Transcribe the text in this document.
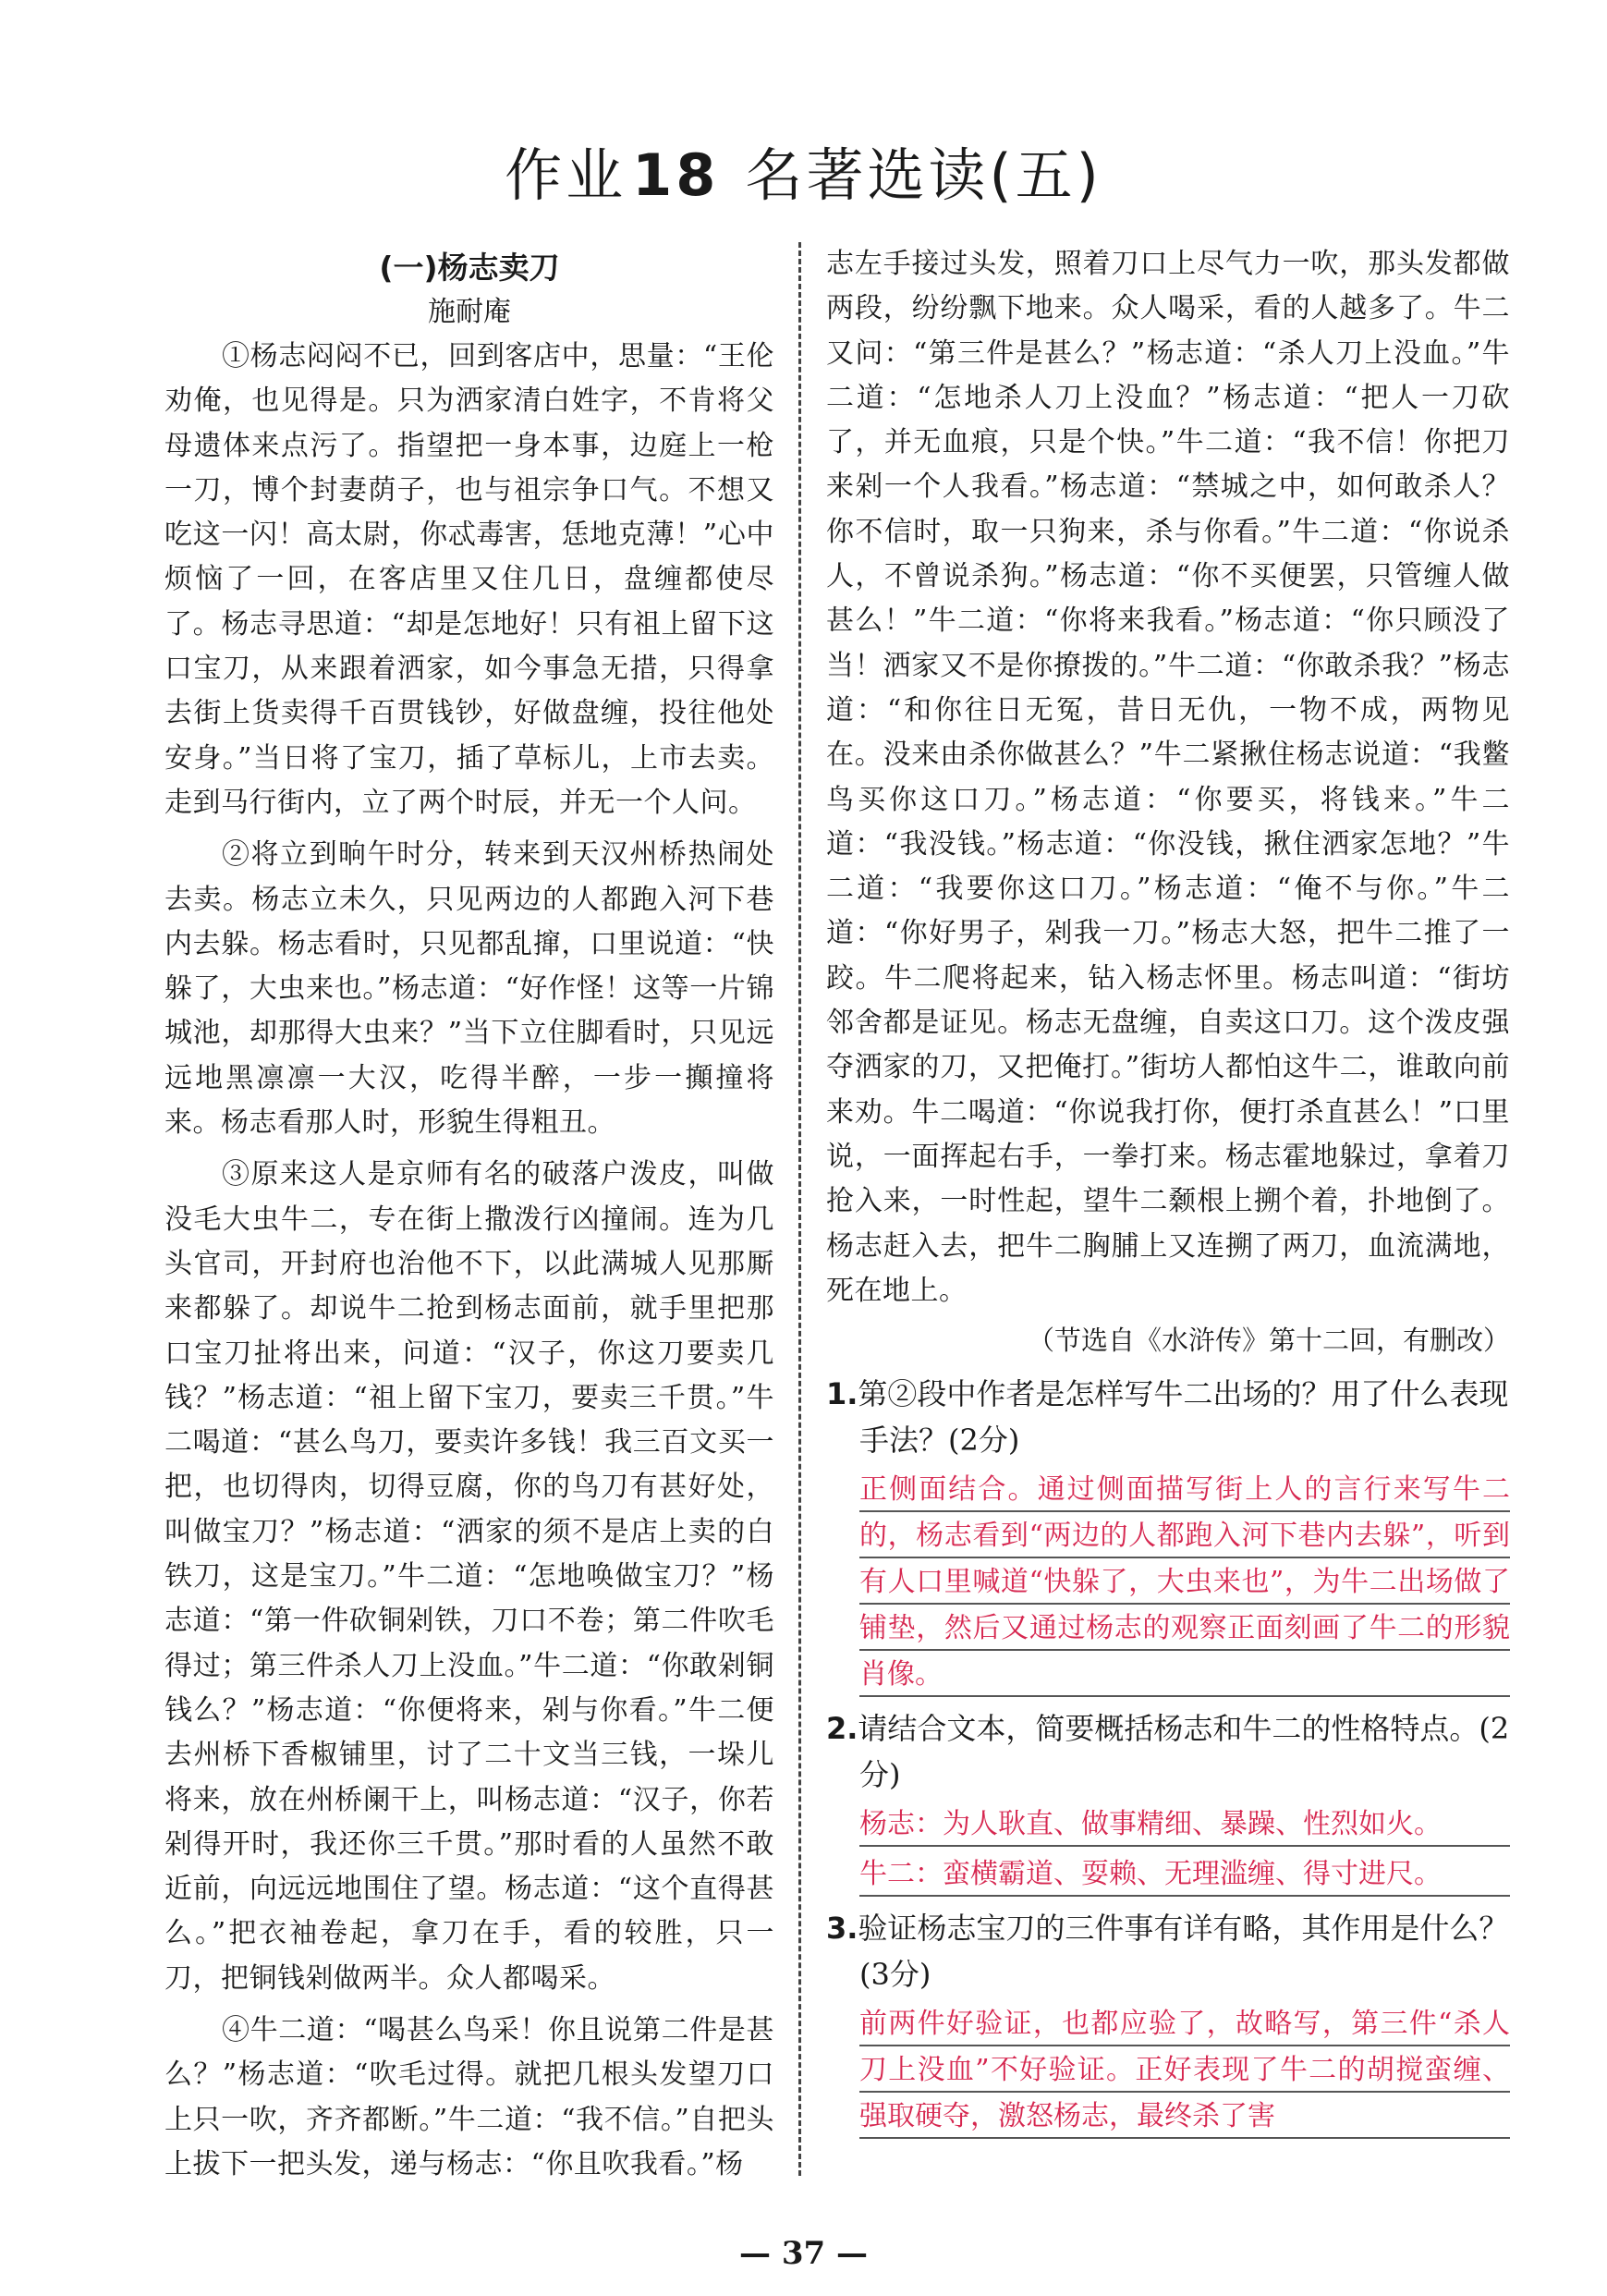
作业18 名著选读(五)

(一)杨志卖刀

施耐庵

①杨志闷闷不已，回到客店中，思量：“王伦劝俺，也见得是。只为洒家清白姓字，不肯将父母遗体来点污了。指望把一身本事，边庭上一枪一刀，博个封妻荫子，也与祖宗争口气。不想又吃这一闪！高太尉，你忒毒害，恁地克薄！”心中烦恼了一回，在客店里又住几日，盘缠都使尽了。杨志寻思道：“却是怎地好！只有祖上留下这口宝刀，从来跟着洒家，如今事急无措，只得拿去街上货卖得千百贯钱钞，好做盘缠，投往他处安身。”当日将了宝刀，插了草标儿，上市去卖。走到马行街内，立了两个时辰，并无一个人问。

②将立到晌午时分，转来到天汉州桥热闹处去卖。杨志立未久，只见两边的人都跑入河下巷内去躲。杨志看时，只见都乱撺，口里说道：“快躲了，大虫来也。”杨志道：“好作怪！这等一片锦城池，却那得大虫来？”当下立住脚看时，只见远远地黑凛凛一大汉，吃得半醉，一步一攧撞将来。杨志看那人时，形貌生得粗丑。

③原来这人是京师有名的破落户泼皮，叫做没毛大虫牛二，专在街上撒泼行凶撞闹。连为几头官司，开封府也治他不下，以此满城人见那厮来都躲了。却说牛二抢到杨志面前，就手里把那口宝刀扯将出来，问道：“汉子，你这刀要卖几钱？”杨志道：“祖上留下宝刀，要卖三千贯。”牛二喝道：“甚么鸟刀，要卖许多钱！我三百文买一把，也切得肉，切得豆腐，你的鸟刀有甚好处，叫做宝刀？”杨志道：“洒家的须不是店上卖的白铁刀，这是宝刀。”牛二道：“怎地唤做宝刀？”杨志道：“第一件砍铜剁铁，刀口不卷；第二件吹毛得过；第三件杀人刀上没血。”牛二道：“你敢剁铜钱么？”杨志道：“你便将来，剁与你看。”牛二便去州桥下香椒铺里，讨了二十文当三钱，一垛儿将来，放在州桥阑干上，叫杨志道：“汉子，你若剁得开时，我还你三千贯。”那时看的人虽然不敢近前，向远远地围住了望。杨志道：“这个直得甚么。”把衣袖卷起，拿刀在手，看的较胜，只一刀，把铜钱剁做两半。众人都喝采。

④牛二道：“喝甚么鸟采！你且说第二件是甚么？”杨志道：“吹毛过得。就把几根头发望刀口上只一吹，齐齐都断。”牛二道：“我不信。”自把头上拔下一把头发，递与杨志：“你且吹我看。”杨

志左手接过头发，照着刀口上尽气力一吹，那头发都做两段，纷纷飘下地来。众人喝采，看的人越多了。牛二又问：“第三件是甚么？”杨志道：“杀人刀上没血。”牛二道：“怎地杀人刀上没血？”杨志道：“把人一刀砍了，并无血痕，只是个快。”牛二道：“我不信！你把刀来剁一个人我看。”杨志道：“禁城之中，如何敢杀人？你不信时，取一只狗来，杀与你看。”牛二道：“你说杀人，不曾说杀狗。”杨志道：“你不买便罢，只管缠人做甚么！”牛二道：“你将来我看。”杨志道：“你只顾没了当！洒家又不是你撩拨的。”牛二道：“你敢杀我？”杨志道：“和你往日无冤，昔日无仇，一物不成，两物见在。没来由杀你做甚么？”牛二紧揪住杨志说道：“我鳖鸟买你这口刀。”杨志道：“你要买，将钱来。”牛二道：“我没钱。”杨志道：“你没钱，揪住洒家怎地？”牛二道：“我要你这口刀。”杨志道：“俺不与你。”牛二道：“你好男子，剁我一刀。”杨志大怒，把牛二推了一跤。牛二爬将起来，钻入杨志怀里。杨志叫道：“街坊邻舍都是证见。杨志无盘缠，自卖这口刀。这个泼皮强夺洒家的刀，又把俺打。”街坊人都怕这牛二，谁敢向前来劝。牛二喝道：“你说我打你，便打杀直甚么！”口里说，一面挥起右手，一拳打来。杨志霍地躲过，拿着刀抢入来，一时性起，望牛二颡根上搠个着，扑地倒了。杨志赶入去，把牛二胸脯上又连搠了两刀，血流满地，死在地上。

（节选自《水浒传》第十二回，有删改）

1.第②段中作者是怎样写牛二出场的？用了什么表现手法？(2分)
正侧面结合。通过侧面描写街上人的言行来写牛二的，杨志看到“两边的人都跑入河下巷内去躲”，听到有人口里喊道“快躲了，大虫来也”，为牛二出场做了铺垫，然后又通过杨志的观察正面刻画了牛二的形貌肖像。
2.请结合文本，简要概括杨志和牛二的性格特点。(2分)
杨志：为人耿直、做事精细、暴躁、性烈如火。
牛二：蛮横霸道、耍赖、无理滥缠、得寸进尺。
3.验证杨志宝刀的三件事有详有略，其作用是什么？(3分)
前两件好验证，也都应验了，故略写，第三件“杀人刀上没血”不好验证。正好表现了牛二的胡搅蛮缠、强取硬夺，激怒杨志，最终杀了害
— 37 —
